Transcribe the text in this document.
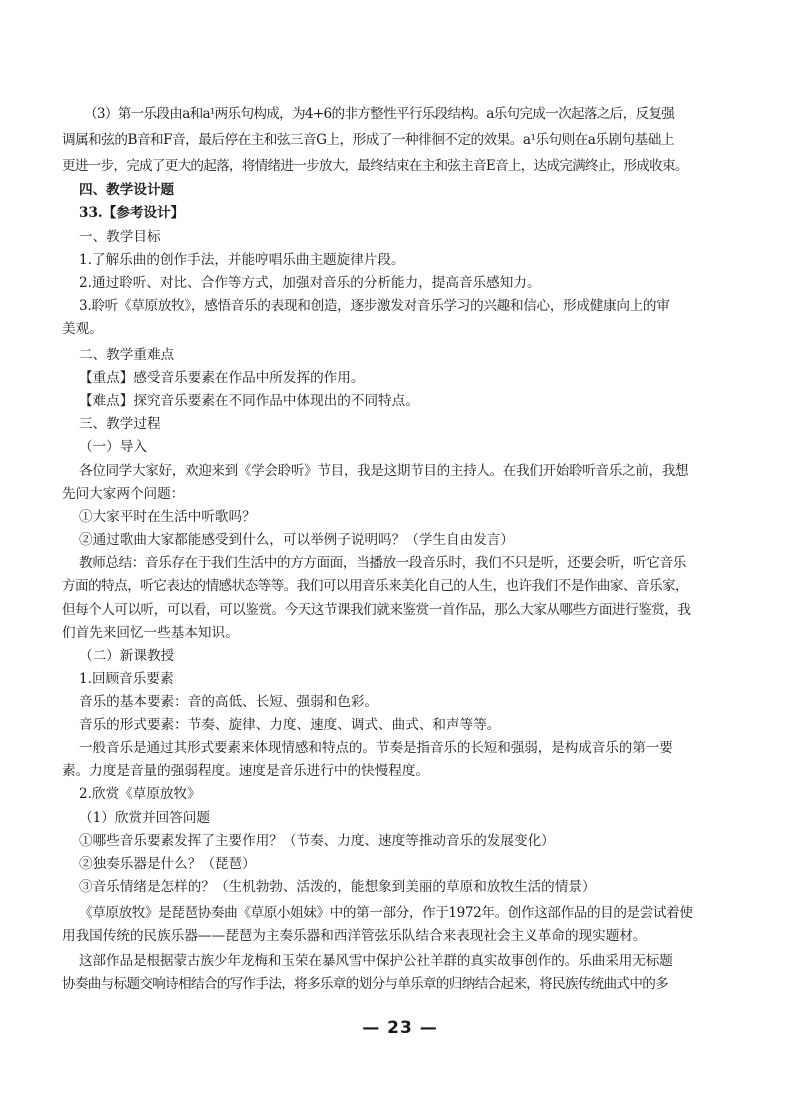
（3）第一乐段由a和a¹两乐句构成，为4+6的非方整性平行乐段结构。a乐句完成一次起落之后，反复强
调属和弦的B音和F音，最后停在主和弦三音G上，形成了一种徘徊不定的效果。a¹乐句则在a乐剧句基础上
更进一步，完成了更大的起落，将情绪进一步放大，最终结束在主和弦主音E音上，达成完满终止，形成收束。
四、教学设计题
33.【参考设计】
一、教学目标
1.了解乐曲的创作手法，并能哼唱乐曲主题旋律片段。
2.通过聆听、对比、合作等方式，加强对音乐的分析能力，提高音乐感知力。
3.聆听《草原放牧》，感悟音乐的表现和创造，逐步激发对音乐学习的兴趣和信心，形成健康向上的审
美观。
二、教学重难点
【重点】感受音乐要素在作品中所发挥的作用。
【难点】探究音乐要素在不同作品中体现出的不同特点。
三、教学过程
（一）导入
各位同学大家好，欢迎来到《学会聆听》节目，我是这期节目的主持人。在我们开始聆听音乐之前，我想
先问大家两个问题：
①大家平时在生活中听歌吗？
②通过歌曲大家都能感受到什么，可以举例子说明吗？（学生自由发言）
教师总结：音乐存在于我们生活中的方方面面，当播放一段音乐时，我们不只是听，还要会听，听它音乐
方面的特点，听它表达的情感状态等等。我们可以用音乐来美化自己的人生，也许我们不是作曲家、音乐家，
但每个人可以听，可以看，可以鉴赏。今天这节课我们就来鉴赏一首作品，那么大家从哪些方面进行鉴赏，我
们首先来回忆一些基本知识。
（二）新课教授
1.回顾音乐要素
音乐的基本要素：音的高低、长短、强弱和色彩。
音乐的形式要素：节奏、旋律、力度、速度、调式、曲式、和声等等。
一般音乐是通过其形式要素来体现情感和特点的。节奏是指音乐的长短和强弱，是构成音乐的第一要
素。力度是音量的强弱程度。速度是音乐进行中的快慢程度。
2.欣赏《草原放牧》
（1）欣赏并回答问题
①哪些音乐要素发挥了主要作用？（节奏、力度、速度等推动音乐的发展变化）
②独奏乐器是什么？（琵琶）
③音乐情绪是怎样的？（生机勃勃、活泼的，能想象到美丽的草原和放牧生活的情景）
《草原放牧》是琵琶协奏曲《草原小姐妹》中的第一部分，作于1972年。创作这部作品的目的是尝试着使
用我国传统的民族乐器——琵琶为主奏乐器和西洋管弦乐队结合来表现社会主义革命的现实题材。
这部作品是根据蒙古族少年龙梅和玉荣在暴风雪中保护公社羊群的真实故事创作的。乐曲采用无标题
协奏曲与标题交响诗相结合的写作手法，将多乐章的划分与单乐章的归纳结合起来，将民族传统曲式中的多
— 23 —
